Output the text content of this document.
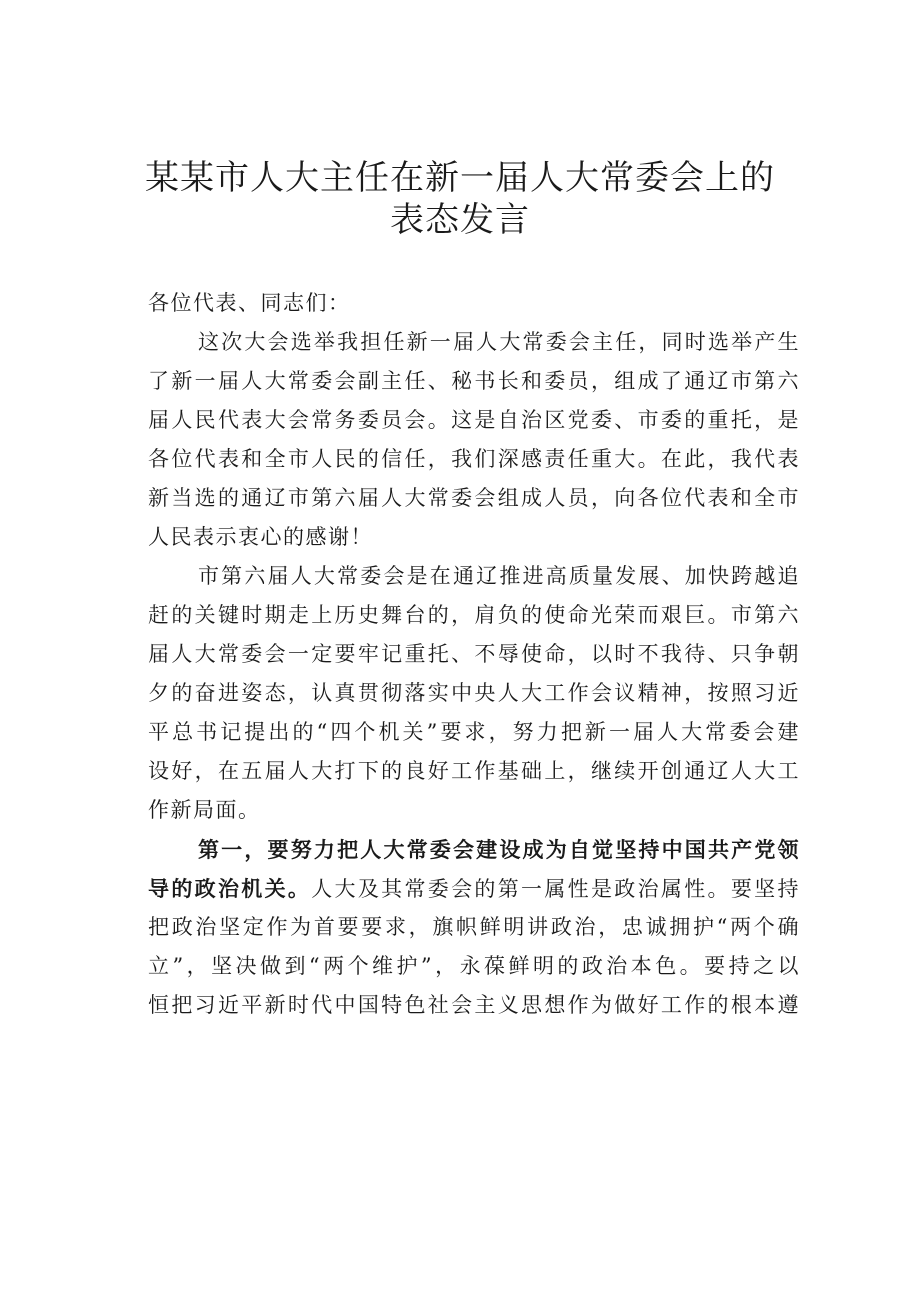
某某市人大主任在新一届人大常委会上的
表态发言

各位代表、同志们：

这次大会选举我担任新一届人大常委会主任，同时选举产生
了新一届人大常委会副主任、秘书长和委员，组成了通辽市第六
届人民代表大会常务委员会。这是自治区党委、市委的重托，是
各位代表和全市人民的信任，我们深感责任重大。在此，我代表
新当选的通辽市第六届人大常委会组成人员，向各位代表和全市
人民表示衷心的感谢！

市第六届人大常委会是在通辽推进高质量发展、加快跨越追
赶的关键时期走上历史舞台的，肩负的使命光荣而艰巨。市第六
届人大常委会一定要牢记重托、不辱使命，以时不我待、只争朝
夕的奋进姿态，认真贯彻落实中央人大工作会议精神，按照习近
平总书记提出的“四个机关”要求，努力把新一届人大常委会建
设好，在五届人大打下的良好工作基础上，继续开创通辽人大工
作新局面。

第一，要努力把人大常委会建设成为自觉坚持中国共产党领
导的政治机关。人大及其常委会的第一属性是政治属性。要坚持
把政治坚定作为首要要求，旗帜鲜明讲政治，忠诚拥护“两个确
立”，坚决做到“两个维护”，永葆鲜明的政治本色。要持之以
恒把习近平新时代中国特色社会主义思想作为做好工作的根本遵
